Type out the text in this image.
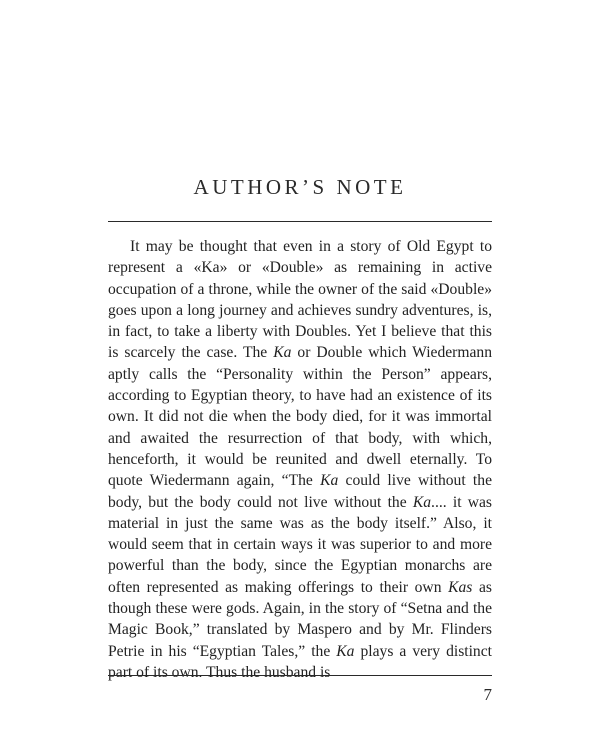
AUTHOR’S NOTE

It may be thought that even in a story of Old Egypt to represent a «Ka» or «Double» as remaining in active occupation of a throne, while the owner of the said «Double» goes upon a long journey and achieves sundry adventures, is, in fact, to take a liberty with Doubles. Yet I believe that this is scarcely the case. The Ka or Double which Wiedermann aptly calls the “Personality within the Person” appears, according to Egyptian theory, to have had an existence of its own. It did not die when the body died, for it was immortal and awaited the resurrection of that body, with which, henceforth, it would be reunited and dwell eternally. To quote Wiedermann again, “The Ka could live without the body, but the body could not live without the Ka.... it was material in just the same was as the body itself.” Also, it would seem that in certain ways it was superior to and more powerful than the body, since the Egyptian monarchs are often represented as making offerings to their own Kas as though these were gods. Again, in the story of “Setna and the Magic Book,” translated by Maspero and by Mr. Flinders Petrie in his “Egyptian Tales,” the Ka plays a very distinct part of its own. Thus the husband is

7
